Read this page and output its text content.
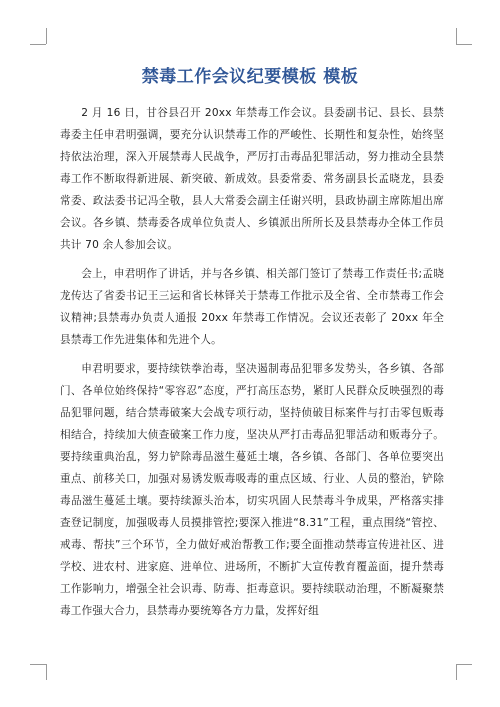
禁毒工作会议纪要模板 模板

2 月 16 日，甘谷县召开 20xx 年禁毒工作会议。县委副书记、县长、县禁毒委主任申君明强调，要充分认识禁毒工作的严峻性、长期性和复杂性，始终坚持依法治理，深入开展禁毒人民战争，严厉打击毒品犯罪活动，努力推动全县禁毒工作不断取得新进展、新突破、新成效。县委常委、常务副县长孟晓龙，县委常委、政法委书记冯全敬，县人大常委会副主任谢兴明，县政协副主席陈旭出席会议。各乡镇、禁毒委各成单位负责人、乡镇派出所所长及县禁毒办全体工作员共计 70 余人参加会议。

会上，申君明作了讲话，并与各乡镇、相关部门签订了禁毒工作责任书;孟晓龙传达了省委书记王三运和省长林铎关于禁毒工作批示及全省、全市禁毒工作会议精神;县禁毒办负责人通报 20xx 年禁毒工作情况。会议还表彰了 20xx 年全县禁毒工作先进集体和先进个人。

申君明要求，要持续铁拳治毒，坚决遏制毒品犯罪多发势头，各乡镇、各部门、各单位始终保持“零容忍”态度，严打高压态势，紧盯人民群众反映强烈的毒品犯罪问题，结合禁毒破案大会战专项行动，坚持侦破目标案件与打击零包贩毒相结合，持续加大侦查破案工作力度，坚决从严打击毒品犯罪活动和贩毒分子。要持续重典治乱，努力铲除毒品滋生蔓延土壤，各乡镇、各部门、各单位要突出重点、前移关口，加强对易诱发贩毒吸毒的重点区域、行业、人员的整治，铲除毒品滋生蔓延土壤。要持续源头治本，切实巩固人民禁毒斗争成果，严格落实排查登记制度，加强吸毒人员摸排管控;要深入推进“8.31”工程，重点围绕“管控、戒毒、帮扶”三个环节，全力做好戒治帮教工作;要全面推动禁毒宣传进社区、进学校、进农村、进家庭、进单位、进场所，不断扩大宣传教育覆盖面，提升禁毒工作影响力，增强全社会识毒、防毒、拒毒意识。要持续联动治理，不断凝聚禁毒工作强大合力，县禁毒办要统筹各方力量，发挥好组
